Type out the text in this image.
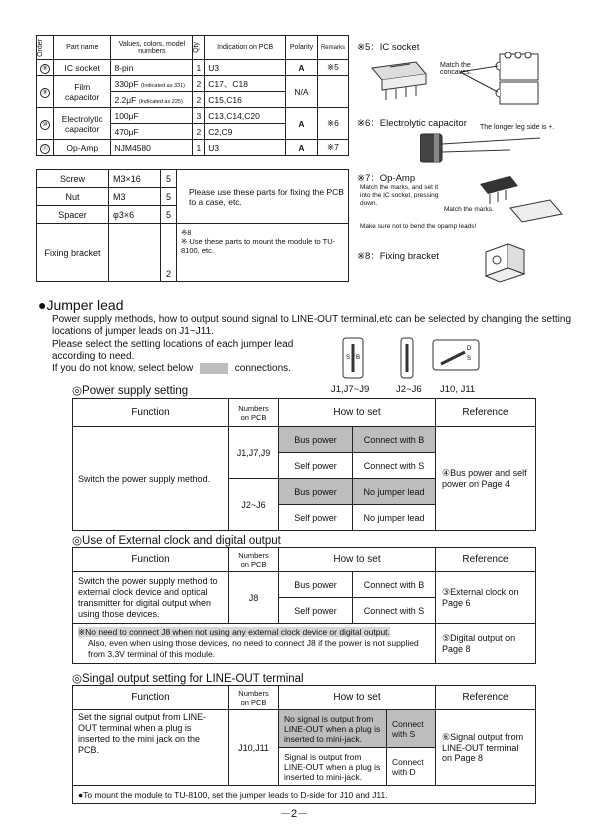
Order	Part name	Values, colors, model numbers	Qty	Indication on PCB	Polarity	Remarks
⑧	IC socket	8-pin	1	U3	A	※5
⑨	Film capacitor	330pF (Indicated as 331)	2	C17、C18	N/A	
		2.2μF (Indicated as 225)	2	C15,C16		
⑩	Electrolytic capacitor	100μF	3	C13,C14,C20	A	※6
		470μF	2	C2,C9		
⑪	Op-Amp	NJM4580	1	U3	A	※7
Screw	M3×16	5	Please use these parts for fixing the PCB to a case, etc.
Nut	M3	5	
Spacer	φ3×6	5	
Fixing bracket		2	※8
※ Use these parts to mount the module to TU-8100, etc.
※5：IC socket
Match the concaves.
※6：Electrolytic capacitor The longer leg side is +.
※7：Op-Amp
Match the marks, and set it into the IC socket, pressing down.
Match the marks.
Make sure not to bend the opamp leads!
※8：Fixing bracket
●Jumper lead
Power supply methods, how to output sound signal to LINE-OUT terminal,etc can be selected by changing the setting locations of jumper leads on J1~J11.
Please select the setting locations of each jumper lead according to need.
If you do not know, select below	connections.
S B
D
S
J1,J7~J9	J2~J6 J10, J11
◎Power supply setting
Function	Numbers on PCB	How to set		Reference
Switch the power supply method.	J1,J7,J9	Bus power	Connect with B	④Bus power and self power on Page 4
		Self power	Connect with S	
	J2~J6	Bus power	No jumper lead	
		Self power	No jumper lead	
◎Use of External clock and digital output
Function	Numbers on PCB	How to set		Reference
Switch the power supply method to external clock device and optical transmitter for digital output when using those devices.	J8	Bus power	Connect with B	③External clock on Page 6
		Self power	Connect with S	
※No need to connect J8 when not using any external clock device or digital output.
Also, even when using those devices, no need to connect J8 if the power is not supplied from 3.3V terminal of this module.				⑤Digital output on Page 8
◎Singal output setting for LINE-OUT terminal
Function	Numbers on PCB	How to set		Reference
Set the signal output from LINE-OUT terminal when a plug is inserted to the mini jack on the PCB.	J10,J11	No signal is output from LINE-OUT when a plug is inserted to mini-jack.	Connect with S	⑥Signal output from LINE-OUT terminal on Page 8
		Signal is output from LINE-OUT when a plug is inserted to mini-jack.	Connect with D	
●To mount the module to TU-8100, set the jumper leads to D-side for J10 and J11.				
－2－
